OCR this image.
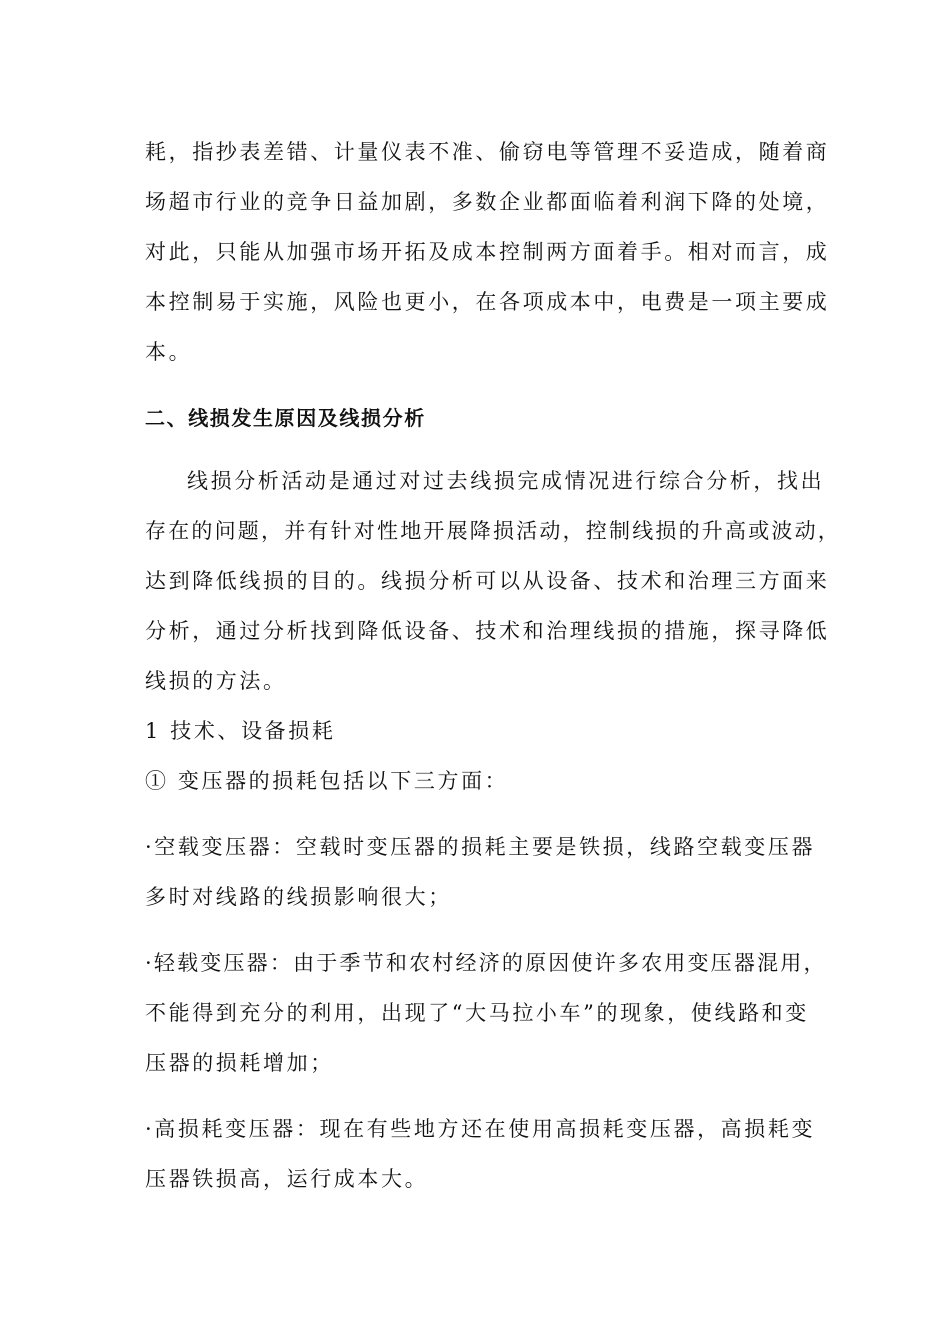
耗，指抄表差错、计量仪表不准、偷窃电等管理不妥造成，随着商
场超市行业的竞争日益加剧，多数企业都面临着利润下降的处境，
对此，只能从加强市场开拓及成本控制两方面着手。相对而言，成
本控制易于实施，风险也更小，在各项成本中，电费是一项主要成
本。
二、线损发生原因及线损分析
线损分析活动是通过对过去线损完成情况进行综合分析，找出
存在的问题，并有针对性地开展降损活动，控制线损的升高或波动，
达到降低线损的目的。线损分析可以从设备、技术和治理三方面来
分析，通过分析找到降低设备、技术和治理线损的措施，探寻降低
线损的方法。
1 技术、设备损耗
① 变压器的损耗包括以下三方面：
·空载变压器：空载时变压器的损耗主要是铁损，线路空载变压器
多时对线路的线损影响很大；
·轻载变压器：由于季节和农村经济的原因使许多农用变压器混用，
不能得到充分的利用，出现了“大马拉小车”的现象，使线路和变
压器的损耗增加；
·高损耗变压器：现在有些地方还在使用高损耗变压器，高损耗变
压器铁损高，运行成本大。
